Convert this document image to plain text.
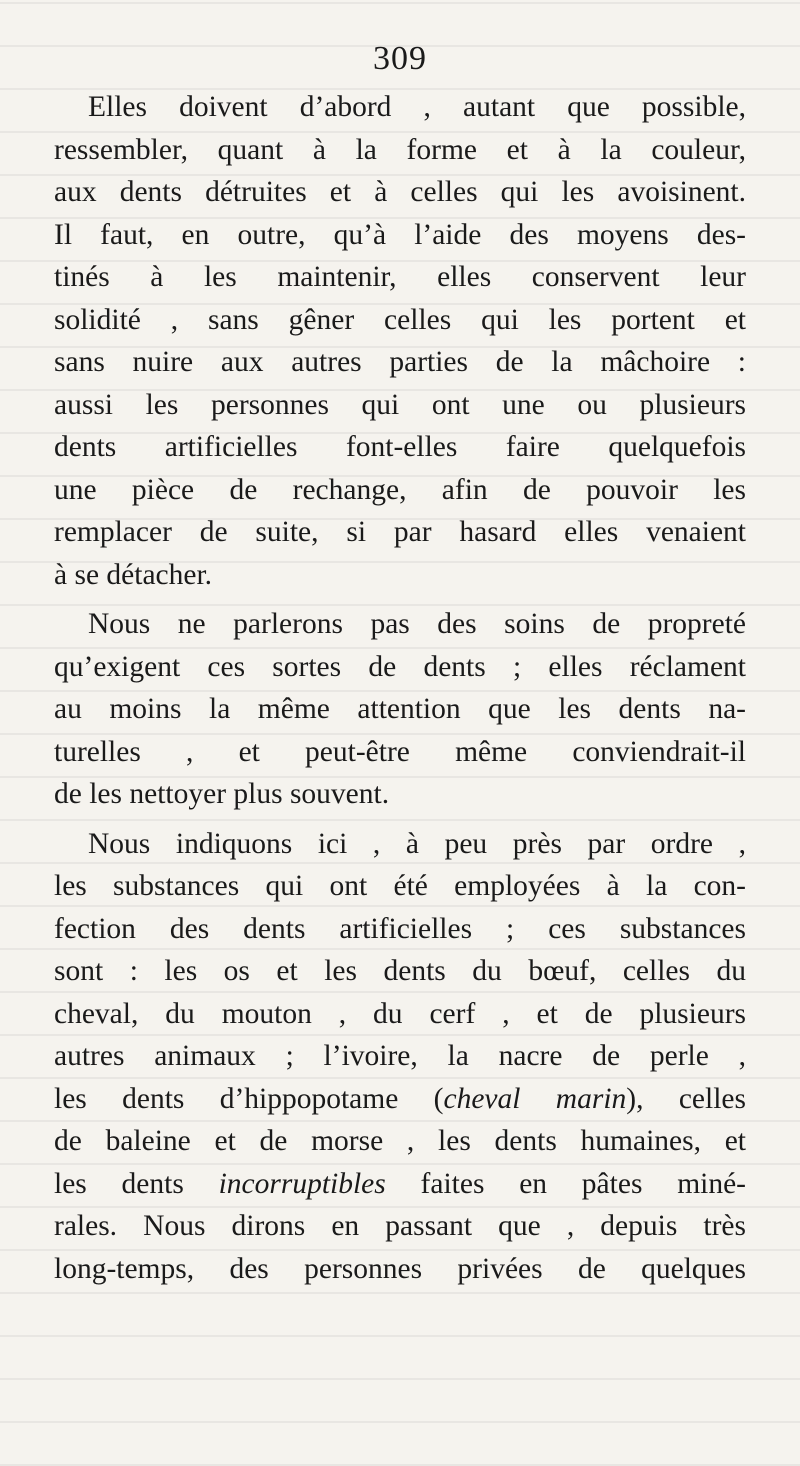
309
Elles doivent d’abord , autant que possible,
ressembler, quant à la forme et à la couleur,
aux dents détruites et à celles qui les avoisinent.
Il faut, en outre, qu’à l’aide des moyens des-
tinés à les maintenir, elles conservent leur
solidité , sans gêner celles qui les portent et
sans nuire aux autres parties de la mâchoire :
aussi les personnes qui ont une ou plusieurs
dents artificielles font-elles faire quelquefois
une pièce de rechange, afin de pouvoir les
remplacer de suite, si par hasard elles venaient
à se détacher.
Nous ne parlerons pas des soins de propreté
qu’exigent ces sortes de dents ; elles réclament
au moins la même attention que les dents na-
turelles , et peut-être même conviendrait-il
de les nettoyer plus souvent.
Nous indiquons ici , à peu près par ordre ,
les substances qui ont été employées à la con-
fection des dents artificielles ; ces substances
sont : les os et les dents du bœuf, celles du
cheval, du mouton , du cerf , et de plusieurs
autres animaux ; l’ivoire, la nacre de perle ,
les dents d’hippopotame (cheval marin), celles
de baleine et de morse , les dents humaines, et
les dents incorruptibles faites en pâtes miné-
rales. Nous dirons en passant que , depuis très
long-temps, des personnes privées de quelques
